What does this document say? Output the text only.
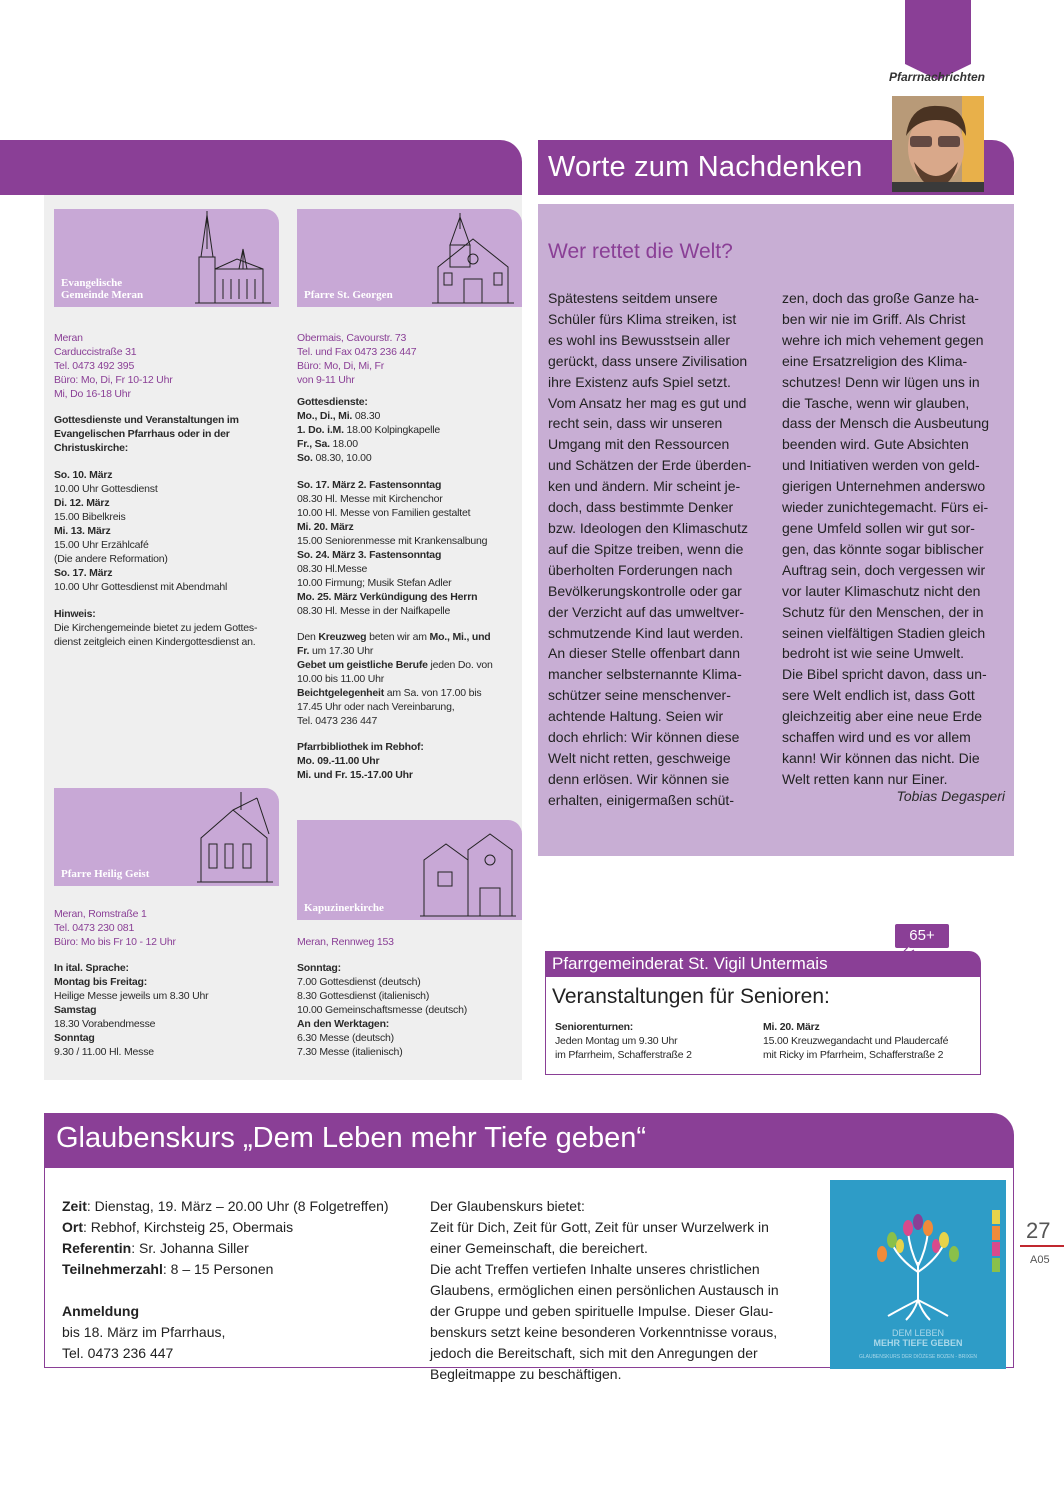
Pfarrnachrichten
Evangelische
Gemeinde Meran
Meran
Carduccistraße 31
Tel. 0473 492 395
Büro: Mo, Di, Fr 10-12 Uhr
Mi, Do 16-18 Uhr
Gottesdienste und Veranstaltungen im Evangelischen Pfarrhaus oder in der Christuskirche:
So. 10. März
10.00 Uhr Gottesdienst
Di. 12. März
15.00 Bibelkreis
Mi. 13. März
15.00 Uhr Erzählcafé
(Die andere Reformation)
So. 17. März
10.00 Uhr Gottesdienst mit Abendmahl
Hinweis:
Die Kirchengemeinde bietet zu jedem Gottes-
dienst zeitgleich einen Kindergottesdienst an.
Pfarre St. Georgen
Obermais, Cavourstr. 73
Tel. und Fax 0473 236 447
Büro: Mo, Di, Mi, Fr
von 9-11 Uhr
Gottesdienste:
Mo., Di., Mi. 08.30
1. Do. i.M. 18.00 Kolpingkapelle
Fr., Sa. 18.00
So. 08.30, 10.00
So. 17. März 2. Fastensonntag
08.30 Hl. Messe mit Kirchenchor
10.00 Hl. Messe von Familien gestaltet
Mi. 20. März
15.00 Seniorenmesse mit Krankensalbung
So. 24. März 3. Fastensonntag
08.30 Hl.Messe
10.00 Firmung; Musik Stefan Adler
Mo. 25. März Verkündigung des Herrn
08.30 Hl. Messe in der Naifkapelle
Den Kreuzweg beten wir am Mo., Mi., und
Fr. um 17.30 Uhr
Gebet um geistliche Berufe jeden Do. von
10.00 bis 11.00 Uhr
Beichtgelegenheit am Sa. von 17.00 bis
17.45 Uhr oder nach Vereinbarung,
Tel. 0473 236 447
Pfarrbibliothek im Rebhof:
Mo. 09.-11.00 Uhr
Mi. und Fr. 15.-17.00 Uhr
Pfarre Heilig Geist
Meran, Romstraße 1
Tel. 0473 230 081
Büro: Mo bis Fr 10 - 12 Uhr
In ital. Sprache:
Montag bis Freitag:
Heilige Messe jeweils um 8.30 Uhr
Samstag
18.30 Vorabendmesse
Sonntag
9.30 / 11.00 Hl. Messe
Kapuzinerkirche
Meran, Rennweg 153
Sonntag:
7.00 Gottesdienst (deutsch)
8.30 Gottesdienst (italienisch)
10.00 Gemeinschaftsmesse (deutsch)
An den Werktagen:
6.30 Messe (deutsch)
7.30 Messe (italienisch)
Worte zum Nachdenken
Wer rettet die Welt?
Spätestens seitdem unsere
Schüler fürs Klima streiken, ist
es wohl ins Bewusstsein aller
gerückt, dass unsere Zivilisation
ihre Existenz aufs Spiel setzt.
Vom Ansatz her mag es gut und
recht sein, dass wir unseren
Umgang mit den Ressourcen
und Schätzen der Erde überden-
ken und ändern. Mir scheint je-
doch, dass bestimmte Denker
bzw. Ideologen den Klimaschutz
auf die Spitze treiben, wenn die
überholten Forderungen nach
Bevölkerungskontrolle oder gar
der Verzicht auf das umweltver-
schmutzende Kind laut werden.
An dieser Stelle offenbart dann
mancher selbsternannte Klima-
schützer seine menschenver-
achtende Haltung. Seien wir
doch ehrlich: Wir können diese
Welt nicht retten, geschweige
denn erlösen. Wir können sie
erhalten, einigermaßen schüt-
zen, doch das große Ganze ha-
ben wir nie im Griff. Als Christ
wehre ich mich vehement gegen
eine Ersatzreligion des Klima-
schutzes! Denn wir lügen uns in
die Tasche, wenn wir glauben,
dass der Mensch die Ausbeutung
beenden wird. Gute Absichten
und Initiativen werden von geld-
gierigen Unternehmen anderswo
wieder zunichtegemacht. Fürs ei-
gene Umfeld sollen wir gut sor-
gen, das könnte sogar biblischer
Auftrag sein, doch vergessen wir
vor lauter Klimaschutz nicht den
Schutz für den Menschen, der in
seinen vielfältigen Stadien gleich
bedroht ist wie seine Umwelt.
Die Bibel spricht davon, dass un-
sere Welt endlich ist, dass Gott
gleichzeitig aber eine neue Erde
schaffen wird und es vor allem
kann! Wir können das nicht. Die
Welt retten kann nur Einer.
Tobias Degasperi
65+
Pfarrgemeinderat St. Vigil Untermais
Veranstaltungen für Senioren:
Seniorenturnen:
Jeden Montag um 9.30 Uhr
im Pfarrheim, Schafferstraße 2
Mi. 20. März
15.00 Kreuzwegandacht und Plaudercafé
mit Ricky im Pfarrheim, Schafferstraße 2
Glaubenskurs „Dem Leben mehr Tiefe geben“
Zeit: Dienstag, 19. März – 20.00 Uhr (8 Folgetreffen)
Ort: Rebhof, Kirchsteig 25, Obermais
Referentin: Sr. Johanna Siller
Teilnehmerzahl: 8 – 15 Personen
Anmeldung
bis 18. März im Pfarrhaus,
Tel. 0473 236 447
Der Glaubenskurs bietet:
Zeit für Dich, Zeit für Gott, Zeit für unser Wurzelwerk in
einer Gemeinschaft, die bereichert.
Die acht Treffen vertiefen Inhalte unseres christlichen
Glaubens, ermöglichen einen persönlichen Austausch in
der Gruppe und geben spirituelle Impulse. Dieser Glau-
benskurs setzt keine besonderen Vorkenntnisse voraus,
jedoch die Bereitschaft, sich mit den Anregungen der
Begleitmappe zu beschäftigen.
DEM LEBEN
MEHR TIEFE GEBEN
GLAUBENSKURS DER DIÖZESE BOZEN - BRIXEN
27
A05
